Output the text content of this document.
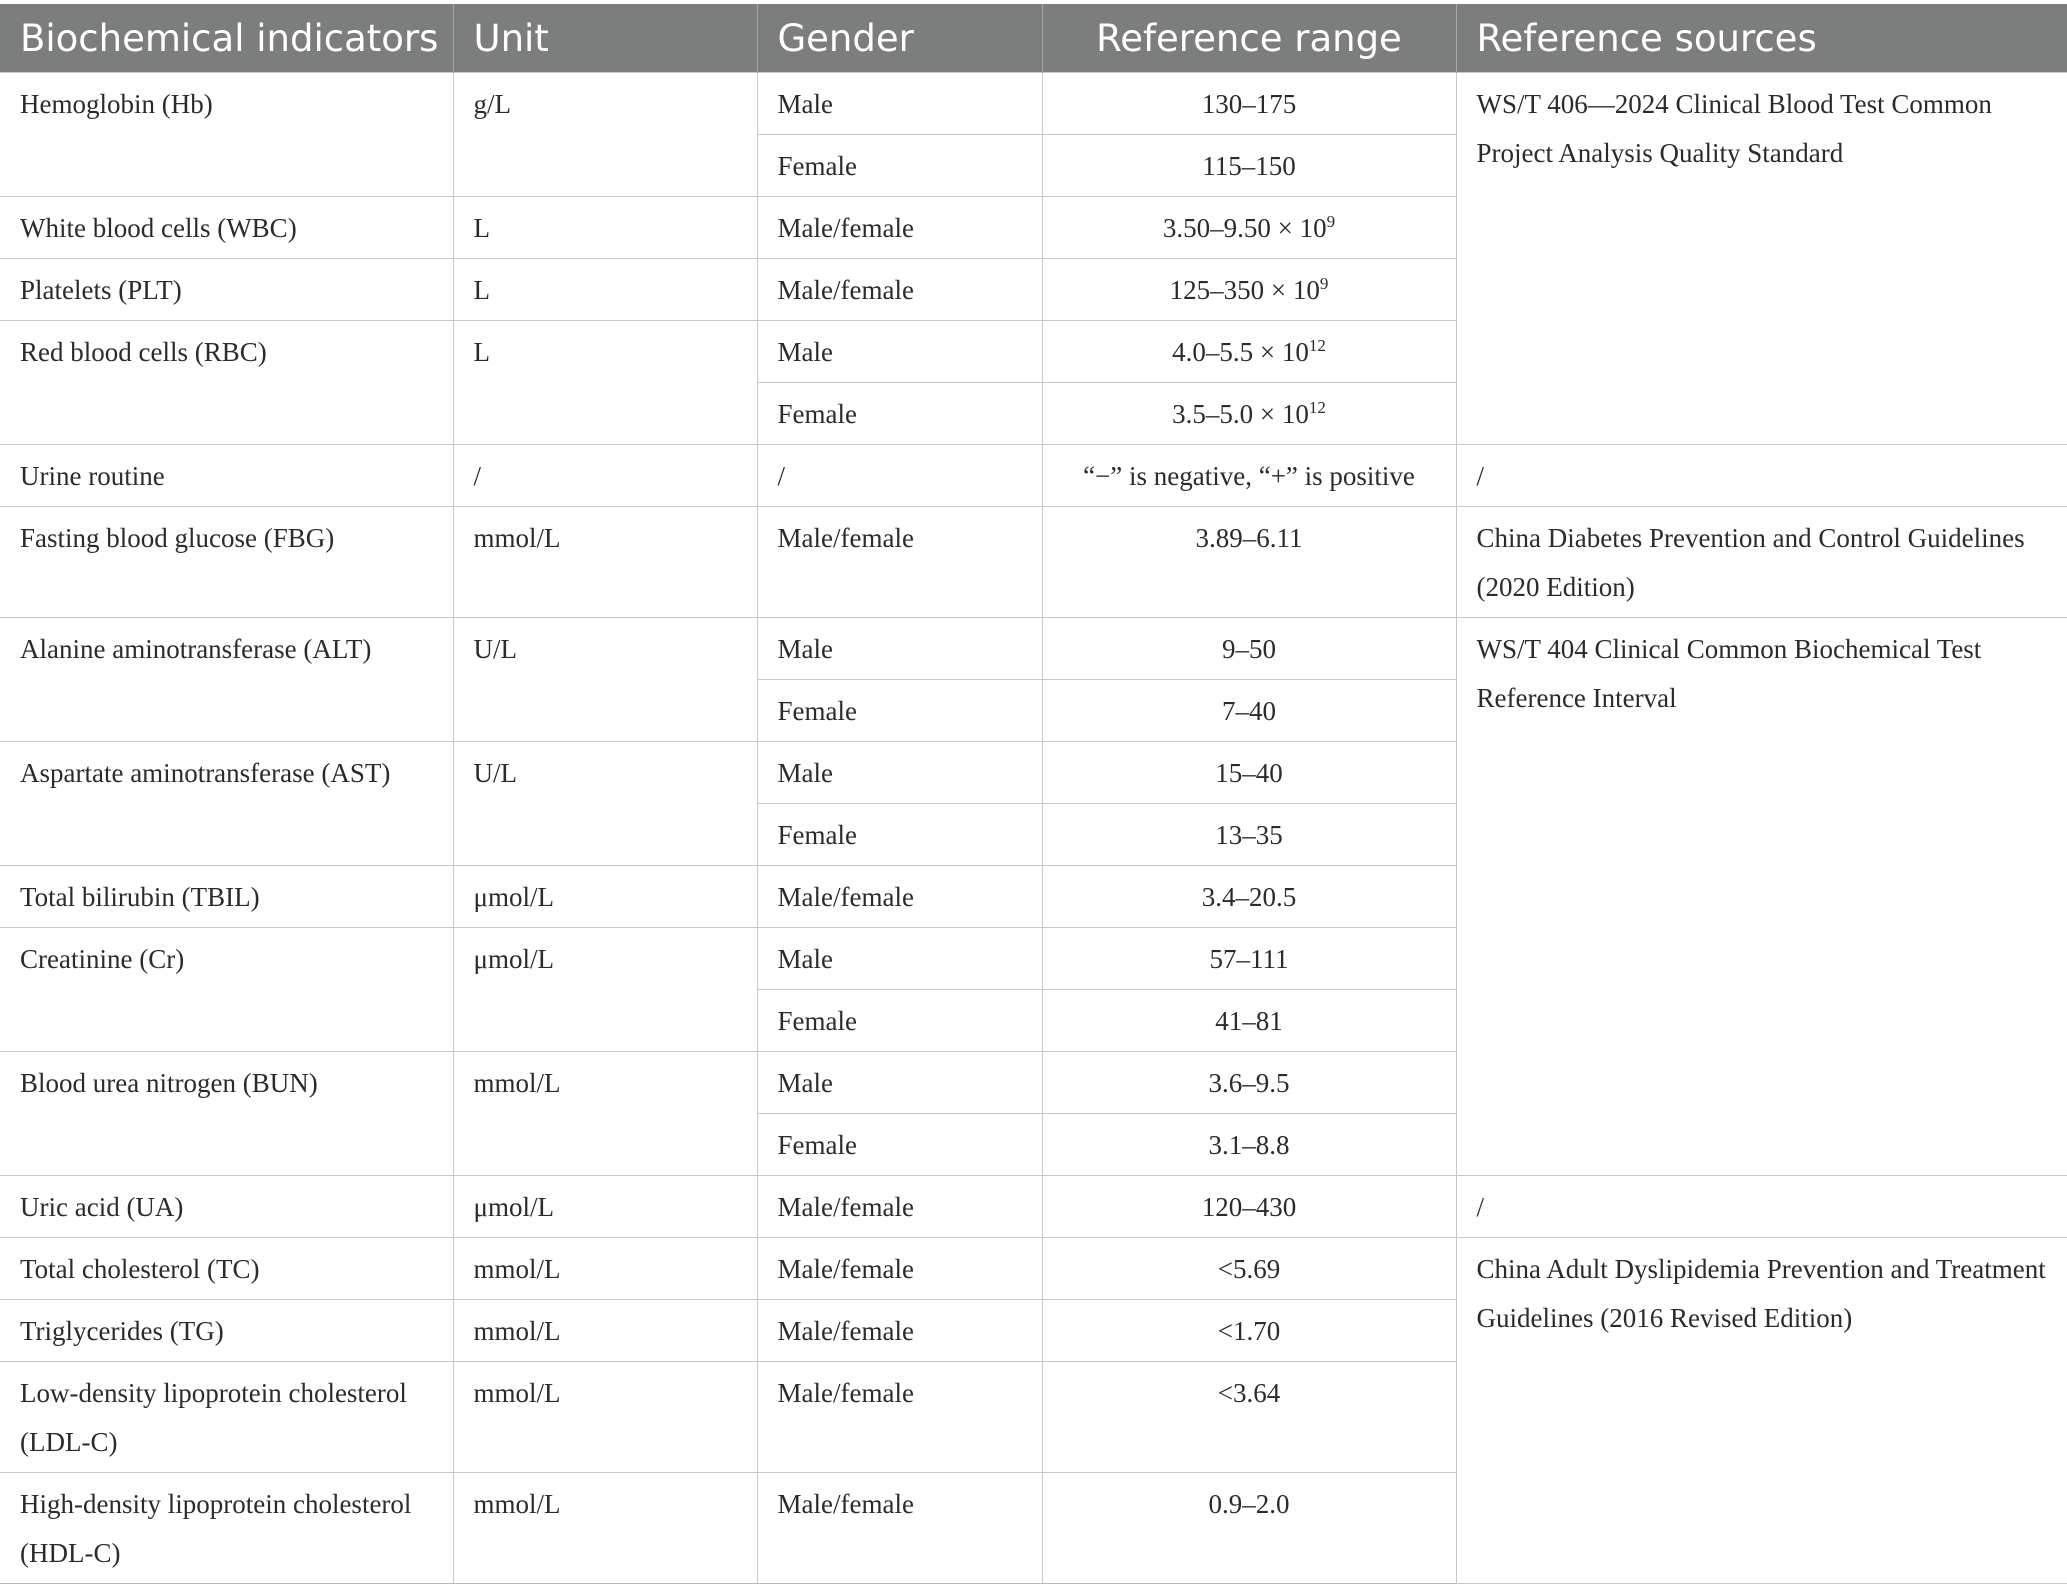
Biochemical indicators	Unit	Gender	Reference range	Reference sources
Hemoglobin (Hb)	g/L	Male	130–175	WS/T 406—2024 Clinical Blood Test Common Project Analysis Quality Standard
		Female	115–150	
White blood cells (WBC)	L	Male/female	$3.50-9.50 \times 10^9$
Platelets (PLT)	L	Male/female	$125-350 \times 10^9$
Red blood cells (RBC)	L	Male	$4.0-5.5 \times 10^{12}$
		Female	$3.5-5.0 \times 10^{12}$
Urine routine	/	/	“−” is negative, “+” is positive	/
Fasting blood glucose (FBG)	mmol/L	Male/female	3.89–6.11	China Diabetes Prevention and Control Guidelines (2020 Edition)
Alanine aminotransferase (ALT)	U/L	Male	9–50	WS/T 404 Clinical Common Biochemical Test Reference Interval
		Female	7–40	
Aspartate aminotransferase (AST)	U/L	Male	15–40	
		Female	13–35	
Total bilirubin (TBIL)	μmol/L	Male/female	3.4–20.5	
Creatinine (Cr)	μmol/L	Male	57–111	
		Female	41–81	
Blood urea nitrogen (BUN)	mmol/L	Male	3.6–9.5	
		Female	3.1–8.8	
Uric acid (UA)	μmol/L	Male/female	120–430	/
Total cholesterol (TC)	mmol/L	Male/female	<5.69	China Adult Dyslipidemia Prevention and Treatment Guidelines (2016 Revised Edition)
Triglycerides (TG)	mmol/L	Male/female	<1.70	
Low-density lipoprotein cholesterol (LDL-C)	mmol/L	Male/female	<3.64	
High-density lipoprotein cholesterol (HDL-C)	mmol/L	Male/female	0.9–2.0	
